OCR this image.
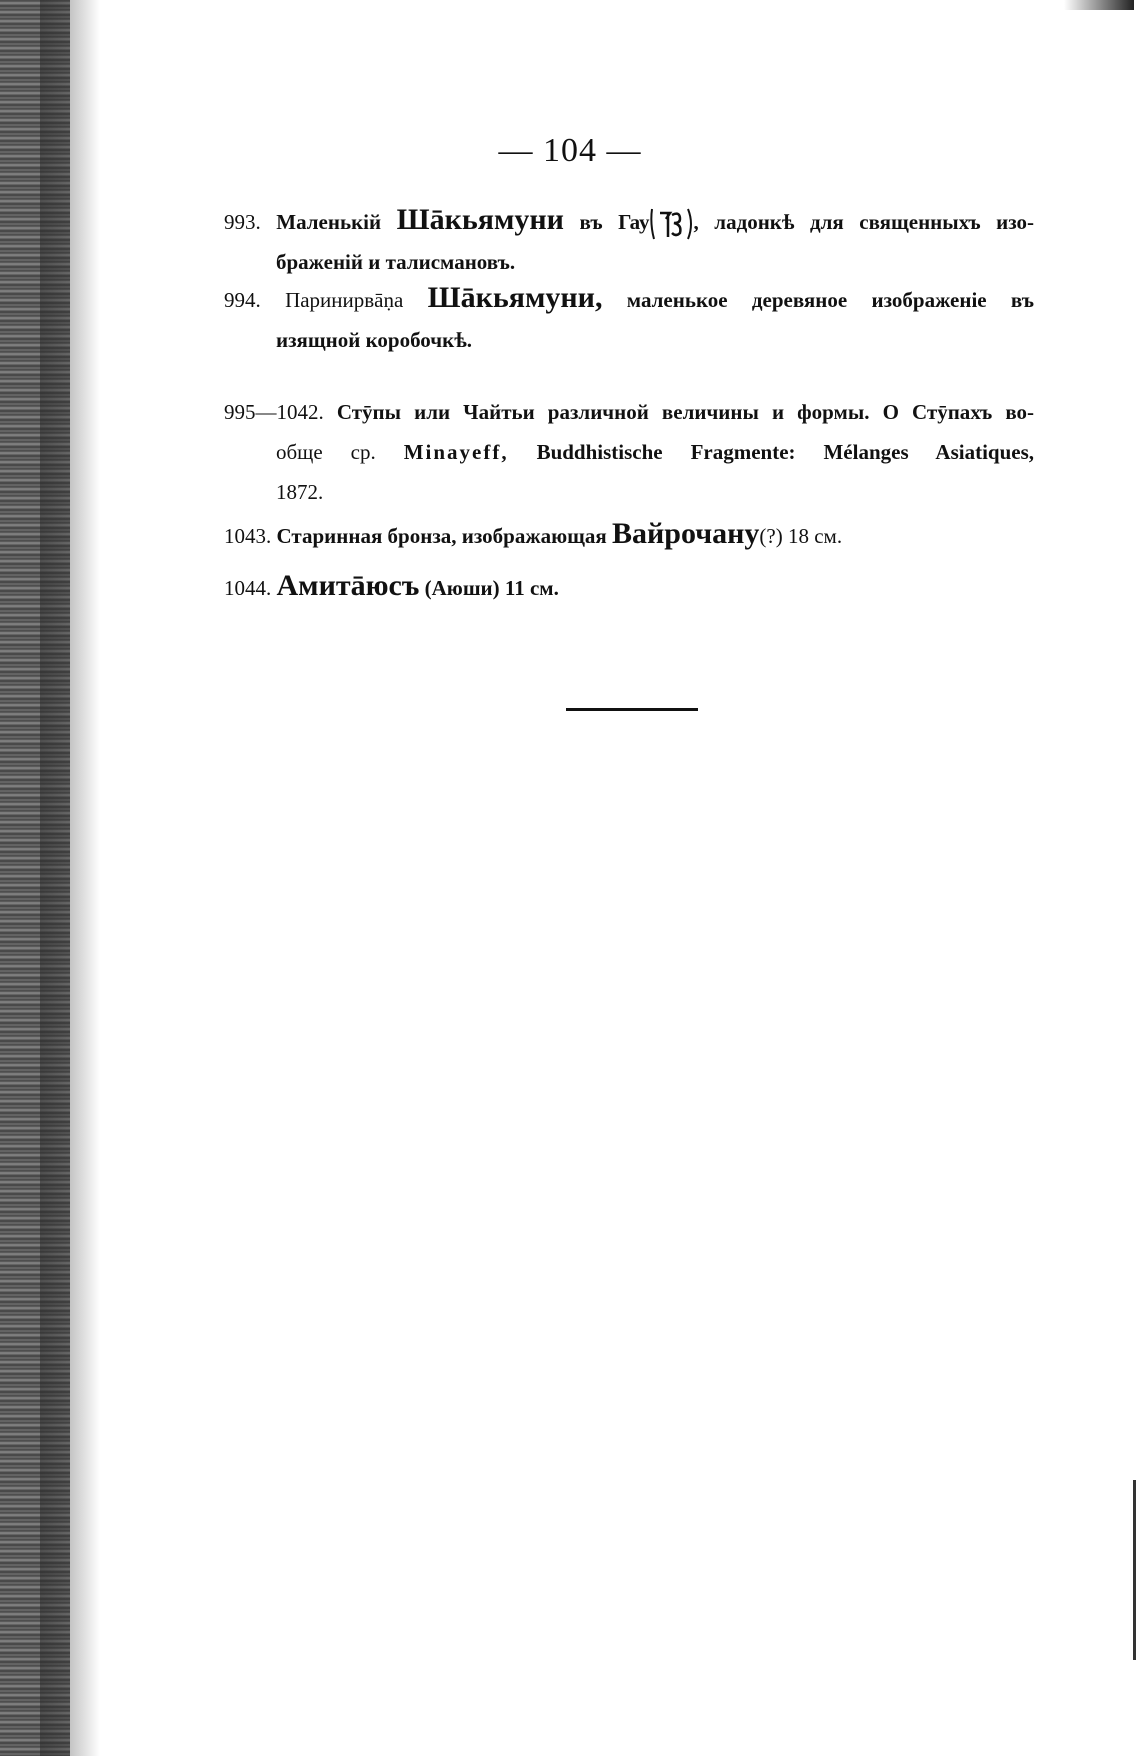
— 104 —
993. Маленькій Шāкьямуни въ Гау , ладонкѣ для священныхъ изо-
браженій и талисмановъ.
994. Паринирвāṇа Шāкьямуни, маленькое деревяное изображеніе въ
изящной коробочкѣ.
995—1042. Стӯпы или Чайтьи различной величины и формы. О Стӯпахъ во-
обще ср. Minayeff, Buddhistische Fragmente: Mélanges Asiatiques,
1872.
1043. Старинная бронза, изображающая Вайрочану(?) 18 см.
1044. Амитāюсъ (Аюши) 11 см.
